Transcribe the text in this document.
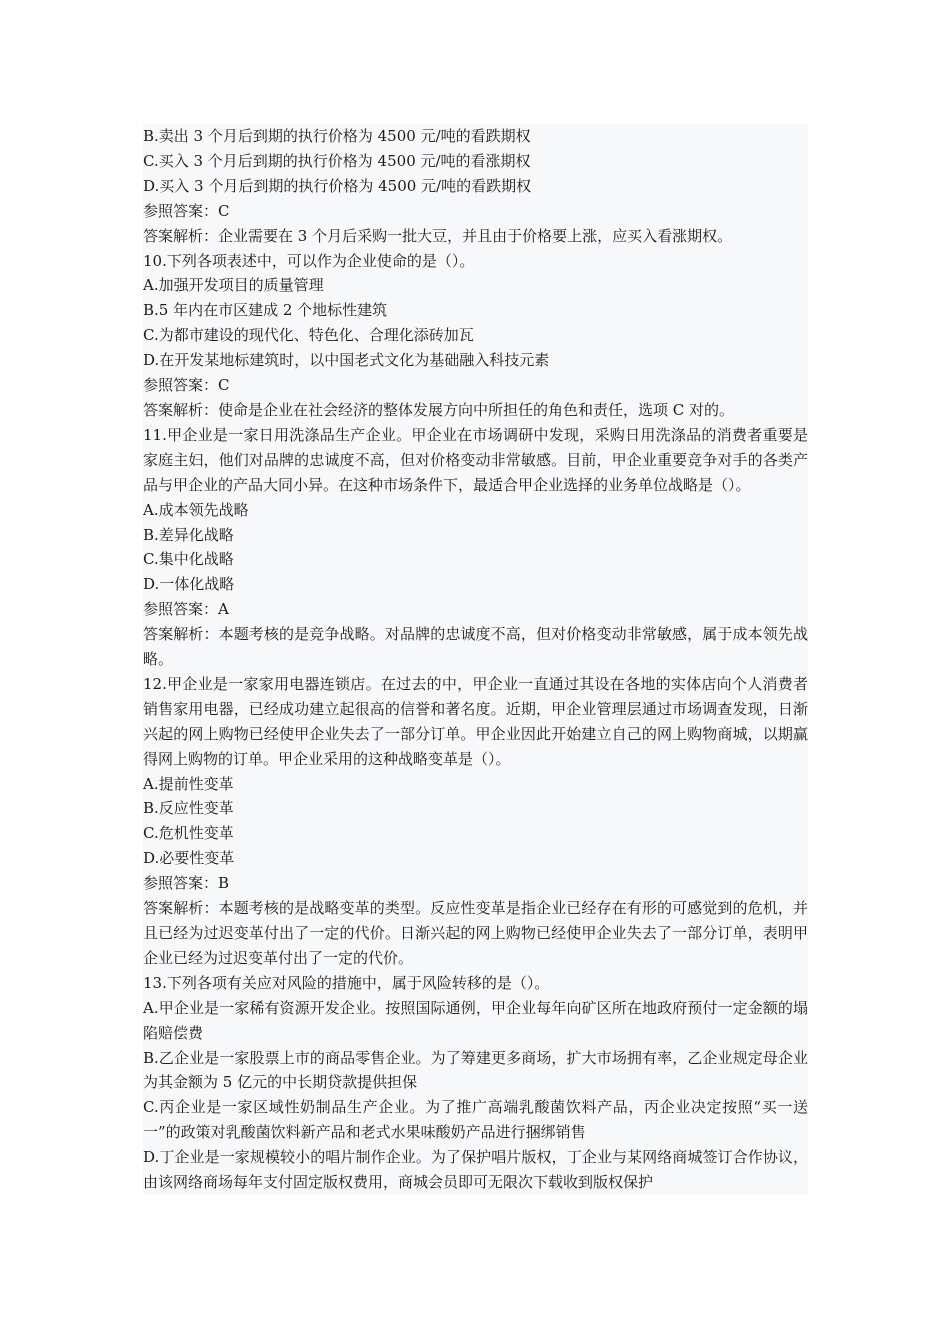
B.卖出 3 个月后到期的执行价格为 4500 元/吨的看跌期权

C.买入 3 个月后到期的执行价格为 4500 元/吨的看涨期权

D.买入 3 个月后到期的执行价格为 4500 元/吨的看跌期权

参照答案：C

答案解析：企业需要在 3 个月后采购一批大豆，并且由于价格要上涨，应买入看涨期权。

10.下列各项表述中，可以作为企业使命的是（）。

A.加强开发项目的质量管理

B.5 年内在市区建成 2 个地标性建筑

C.为都市建设的现代化、特色化、合理化添砖加瓦

D.在开发某地标建筑时，以中国老式文化为基础融入科技元素

参照答案：C

答案解析：使命是企业在社会经济的整体发展方向中所担任的角色和责任，选项 C 对的。

11.甲企业是一家日用洗涤品生产企业。甲企业在市场调研中发现，采购日用洗涤品的消费者重要是家庭主妇，他们对品牌的忠诚度不高，但对价格变动非常敏感。目前，甲企业重要竞争对手的各类产品与甲企业的产品大同小异。在这种市场条件下，最适合甲企业选择的业务单位战略是（）。

A.成本领先战略

B.差异化战略

C.集中化战略

D.一体化战略

参照答案：A

答案解析：本题考核的是竞争战略。对品牌的忠诚度不高，但对价格变动非常敏感，属于成本领先战略。

12.甲企业是一家家用电器连锁店。在过去的中，甲企业一直通过其设在各地的实体店向个人消费者销售家用电器，已经成功建立起很高的信誉和著名度。近期，甲企业管理层通过市场调查发现，日渐兴起的网上购物已经使甲企业失去了一部分订单。甲企业因此开始建立自己的网上购物商城，以期赢得网上购物的订单。甲企业采用的这种战略变革是（）。

A.提前性变革

B.反应性变革

C.危机性变革

D.必要性变革

参照答案：B

答案解析：本题考核的是战略变革的类型。反应性变革是指企业已经存在有形的可感觉到的危机，并且已经为过迟变革付出了一定的代价。日渐兴起的网上购物已经使甲企业失去了一部分订单，表明甲企业已经为过迟变革付出了一定的代价。

13.下列各项有关应对风险的措施中，属于风险转移的是（）。

A.甲企业是一家稀有资源开发企业。按照国际通例，甲企业每年向矿区所在地政府预付一定金额的塌陷赔偿费

B.乙企业是一家股票上市的商品零售企业。为了筹建更多商场，扩大市场拥有率，乙企业规定母企业为其金额为 5 亿元的中长期贷款提供担保

C.丙企业是一家区域性奶制品生产企业。为了推广高端乳酸菌饮料产品，丙企业决定按照“买一送一”的政策对乳酸菌饮料新产品和老式水果味酸奶产品进行捆绑销售

D.丁企业是一家规模较小的唱片制作企业。为了保护唱片版权，丁企业与某网络商城签订合作协议，由该网络商场每年支付固定版权费用，商城会员即可无限次下载收到版权保护
